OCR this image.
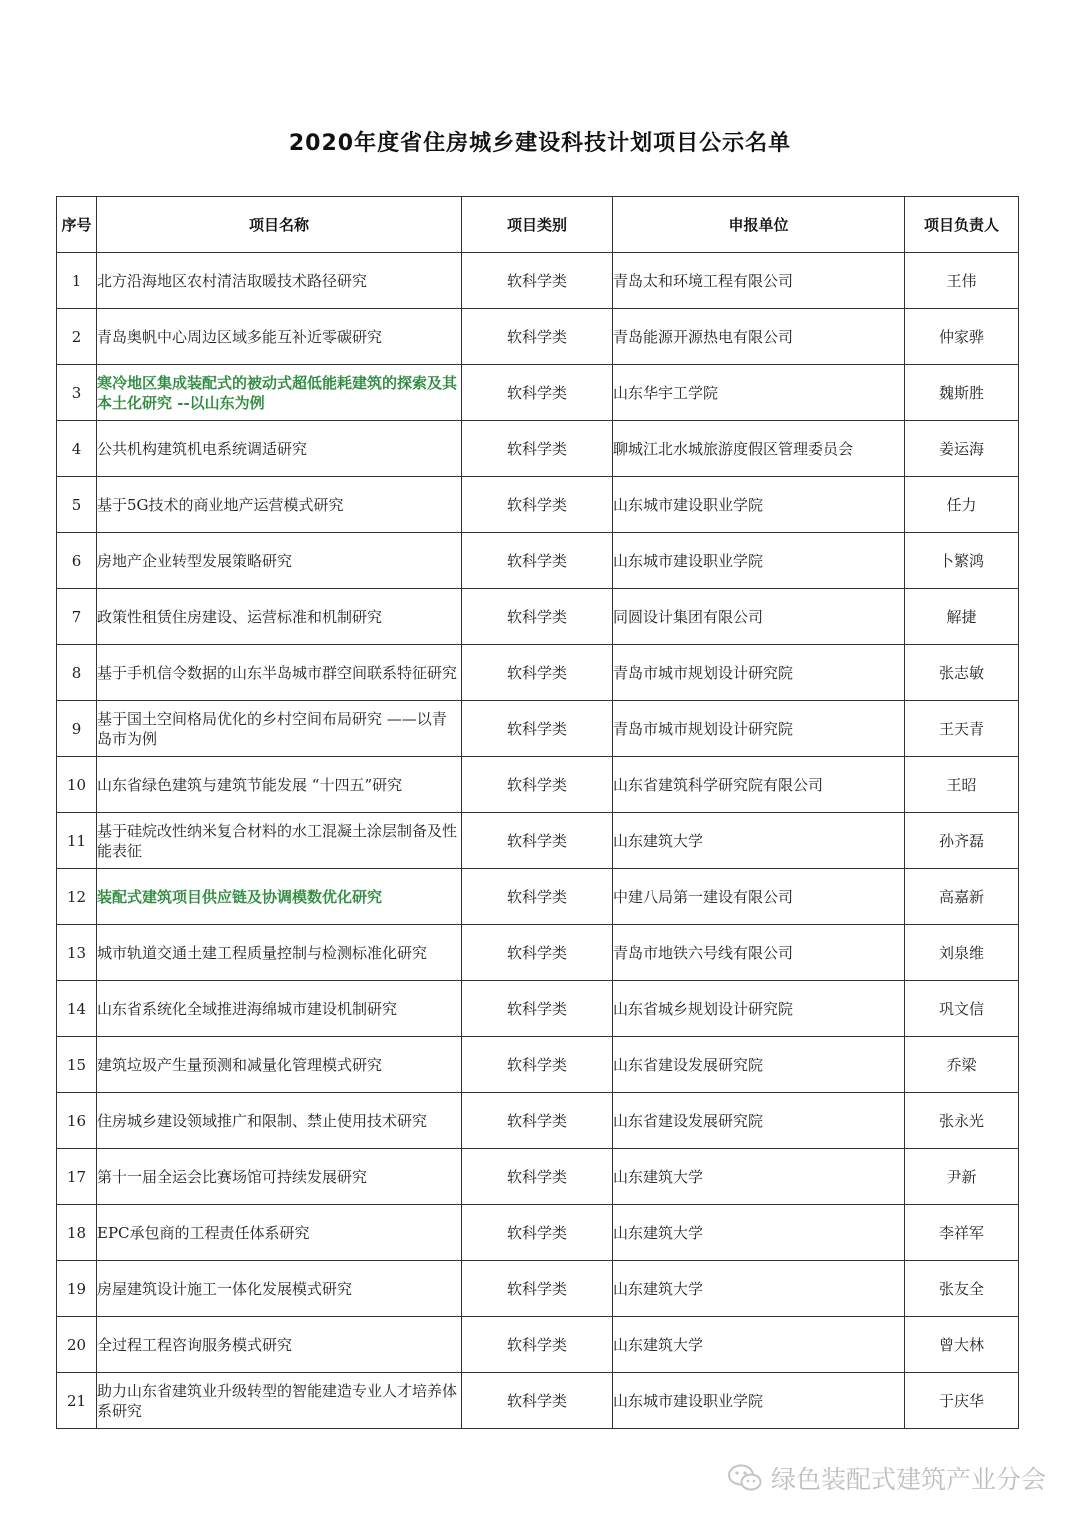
2020年度省住房城乡建设科技计划项目公示名单
序号	项目名称	项目类别	申报单位	项目负责人
1	北方沿海地区农村清洁取暖技术路径研究	软科学类	青岛太和环境工程有限公司	王伟
2	青岛奥帆中心周边区域多能互补近零碳研究	软科学类	青岛能源开源热电有限公司	仲家骅
3	寒冷地区集成装配式的被动式超低能耗建筑的探索及其本土化研究 --以山东为例	软科学类	山东华宇工学院	魏斯胜
4	公共机构建筑机电系统调适研究	软科学类	聊城江北水城旅游度假区管理委员会	姜运海
5	基于5G技术的商业地产运营模式研究	软科学类	山东城市建设职业学院	任力
6	房地产企业转型发展策略研究	软科学类	山东城市建设职业学院	卜繁鸿
7	政策性租赁住房建设、运营标准和机制研究	软科学类	同圆设计集团有限公司	解捷
8	基于手机信令数据的山东半岛城市群空间联系特征研究	软科学类	青岛市城市规划设计研究院	张志敏
9	基于国土空间格局优化的乡村空间布局研究 ——以青岛市为例	软科学类	青岛市城市规划设计研究院	王天青
10	山东省绿色建筑与建筑节能发展 “十四五”研究	软科学类	山东省建筑科学研究院有限公司	王昭
11	基于硅烷改性纳米复合材料的水工混凝土涂层制备及性能表征	软科学类	山东建筑大学	孙齐磊
12	装配式建筑项目供应链及协调模数优化研究	软科学类	中建八局第一建设有限公司	高嘉新
13	城市轨道交通土建工程质量控制与检测标准化研究	软科学类	青岛市地铁六号线有限公司	刘泉维
14	山东省系统化全域推进海绵城市建设机制研究	软科学类	山东省城乡规划设计研究院	巩文信
15	建筑垃圾产生量预测和减量化管理模式研究	软科学类	山东省建设发展研究院	乔梁
16	住房城乡建设领域推广和限制、禁止使用技术研究	软科学类	山东省建设发展研究院	张永光
17	第十一届全运会比赛场馆可持续发展研究	软科学类	山东建筑大学	尹新
18	EPC承包商的工程责任体系研究	软科学类	山东建筑大学	李祥军
19	房屋建筑设计施工一体化发展模式研究	软科学类	山东建筑大学	张友全
20	全过程工程咨询服务模式研究	软科学类	山东建筑大学	曾大林
21	助力山东省建筑业升级转型的智能建造专业人才培养体系研究	软科学类	山东城市建设职业学院	于庆华
绿色装配式建筑产业分会
